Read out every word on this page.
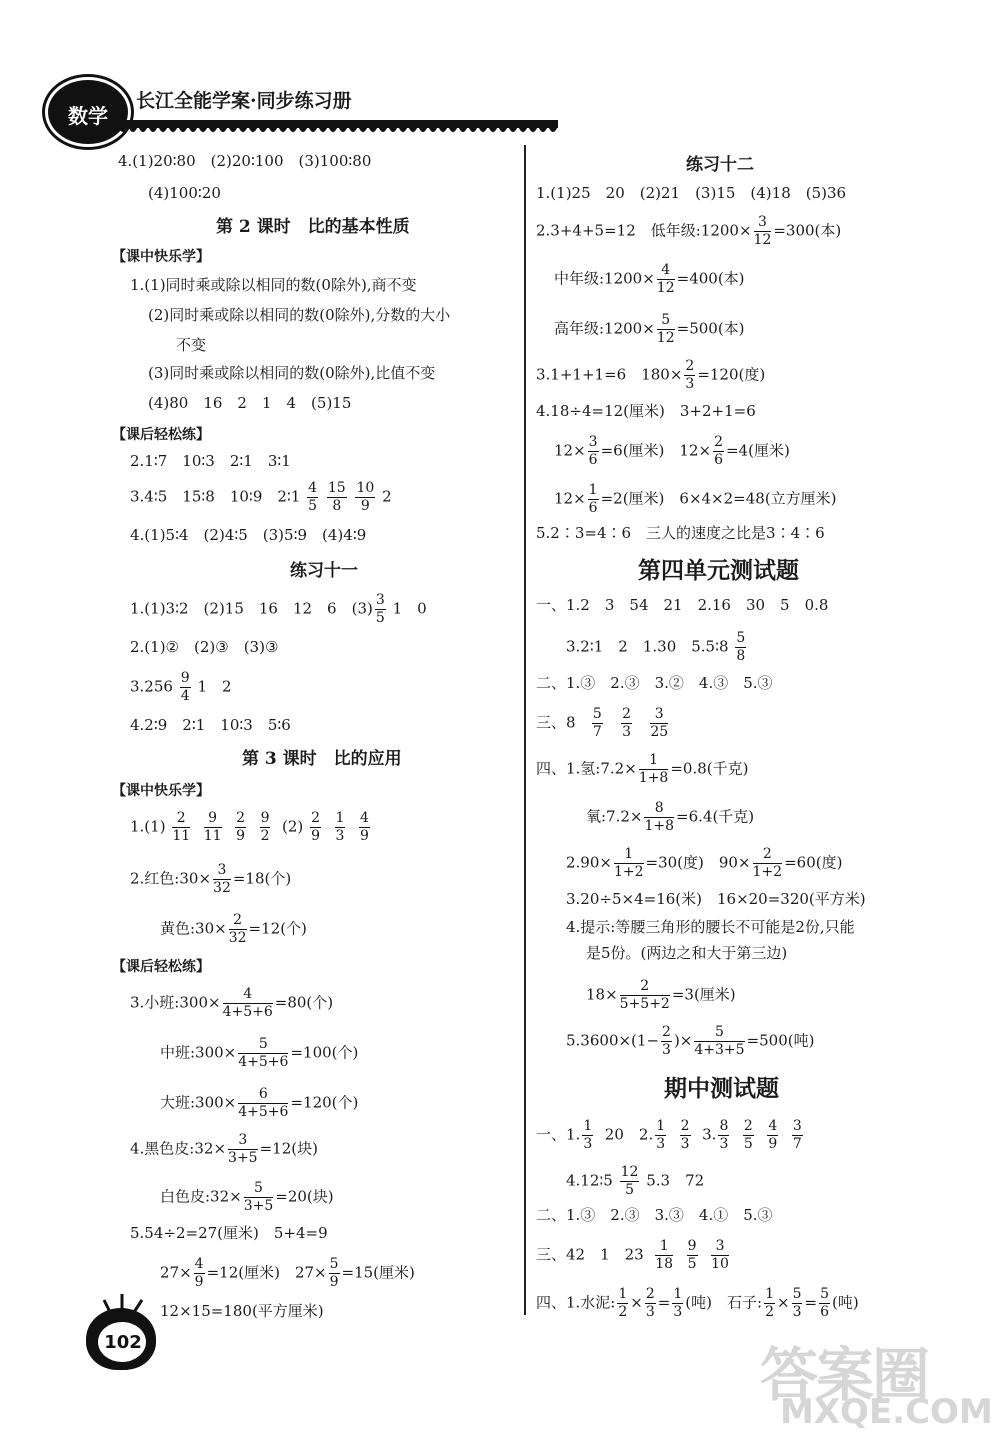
数学
长江全能学案·同步练习册
4.(1)20∶80　(2)20∶100　(3)100∶80
(4)100∶20
第 2 课时　比的基本性质
【课中快乐学】
1.(1)同时乘或除以相同的数(0除外),商不变
(2)同时乘或除以相同的数(0除外),分数的大小
不变
(3)同时乘或除以相同的数(0除外),比值不变
(4)80　16　2　1　4　(5)15
【课后轻松练】
2.1∶7　10∶3　2∶1　3∶1
3.4∶5　15∶8　10∶9　2∶1 $\frac{4}{5}$
$\frac{15}{8}$
$\frac{10}{9} 2$
4.(1)5∶4　(2)4∶5　(3)5∶9　(4)4∶9
练习十一
1.(1)3∶2　(2)15　16　12　6　$(3) \frac{3}{5} 1$　0
2.(1)②　(2)③　(3)③
$3.256 \frac{9}{4} 1$　2
4.2∶9　2∶1　10∶3　5∶6
第 3 课时　比的应用
【课中快乐学】
$1.(1) \frac{2}{11}$
$\frac{9}{11}$
$\frac{2}{9}$
$\frac{9}{2} (2) \frac{2}{9}$
$\frac{1}{3}$
$\frac{4}{9}$
2.红色:30× $\frac{3}{32} =18$(个)
黄色:30× $\frac{2}{32} =12$(个)
【课后轻松练】
3.小班:300× $\frac{4}{4+5+6} =80$(个)
中班:300× $\frac{5}{4+5+6} =100$(个)
大班:300× $\frac{6}{4+5+6} =120$(个)
4.黑色皮:32× $\frac{3}{3+5} =12$(块)
白色皮:32× $\frac{5}{3+5} =20$(块)
5.54÷2=27(厘米)　5+4=9
$27\times \frac{4}{9} =12$(厘米)　$27\times \frac{5}{9} =15$(厘米)
12×15=180(平方厘米)
练习十二
1.(1)25　20　(2)21　(3)15　(4)18　(5)36
2.3+4+5=12　低年级:1200× $\frac{3}{12} =300$(本)
中年级:1200× $\frac{4}{12} =400$(本)
高年级:1200× $\frac{5}{12} =500$(本)
3.1+1+1=6　$180\times \frac{2}{3} =120$(度)
4.18÷4=12(厘米)　3+2+1=6
$12\times \frac{3}{6} =6$(厘米)　$12\times \frac{2}{6} =4$(厘米)
$12\times \frac{1}{6} =2$(厘米)　6×4×2=48(立方厘米)
5.2∶3=4∶6　三人的速度之比是3∶4∶6
第四单元测试题
一、1.2　3　54　21　2.16　30　5　0.8
3.2∶1　2　1.30　5.5∶8 $\frac{5}{8}$
二、1.③　2.③　3.②　4.③　5.③
三、$8 \frac{5}{7}$
$\frac{2}{3}$
$\frac{3}{25}$
四、1.氢:7.2× $\frac{1}{1+8} =0.8$(千克)
氧:7.2× $\frac{8}{1+8} =6.4$(千克)
$2.90\times \frac{1}{1+2} =30$(度)　$90\times \frac{2}{1+2} =60$(度)
3.20÷5×4=16(米)　16×20=320(平方米)
4.提示:等腰三角形的腰长不可能是2份,只能
是5份。(两边之和大于第三边)
$18\times \frac{2}{5+5+2} =3$(厘米)
$5.3600\times(1- \frac{2}{3}$ )× $\frac{5}{4+3+5} =500$(吨)
期中测试题
一、1. $\frac{1}{3} 20$　2. $\frac{1}{3}$
$\frac{2}{3} 3$. $\frac{8}{3}$
$\frac{2}{5}$
$\frac{4}{9}$
$\frac{3}{7}$
4.12∶5 $\frac{12}{5} 5.3$　72
二、1.③　2.③　3.③　4.①　5.③
三、42　1　$23 \frac{1}{18}$
$\frac{9}{5}$
$\frac{3}{10}$
四、1.水泥: $\frac{1}{2} \times \frac{2}{3} = \frac{1}{3}$ (吨)　石子: $\frac{1}{2} \times \frac{5}{3} = \frac{5}{6}$ (吨)
102	答案圈
MXQE.COM
